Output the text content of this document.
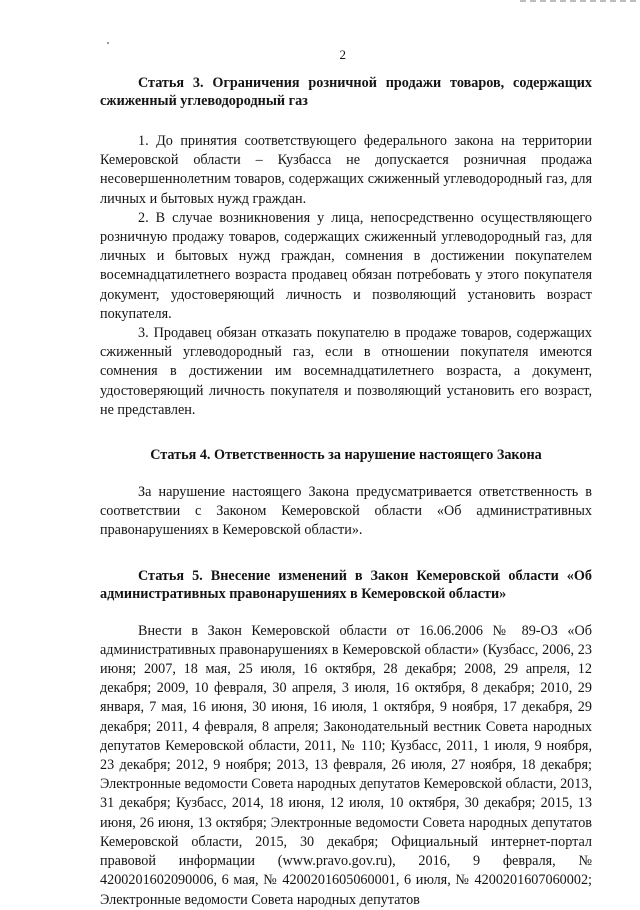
2
Статья 3. Ограничения розничной продажи товаров, содержащих сжиженный углеводородный газ

1. До принятия соответствующего федерального закона на территории Кемеровской области – Кузбасса не допускается розничная продажа несовершеннолетним товаров, содержащих сжиженный углеводородный газ, для личных и бытовых нужд граждан.

2. В случае возникновения у лица, непосредственно осуществляющего розничную продажу товаров, содержащих сжиженный углеводородный газ, для личных и бытовых нужд граждан, сомнения в достижении покупателем восемнадцатилетнего возраста продавец обязан потребовать у этого покупателя документ, удостоверяющий личность и позволяющий установить возраст покупателя.

3. Продавец обязан отказать покупателю в продаже товаров, содержащих сжиженный углеводородный газ, если в отношении покупателя имеются сомнения в достижении им восемнадцатилетнего возраста, а документ, удостоверяющий личность покупателя и позволяющий установить его возраст, не представлен.

Статья 4. Ответственность за нарушение настоящего Закона

За нарушение настоящего Закона предусматривается ответственность в соответствии с Законом Кемеровской области «Об административных правонарушениях в Кемеровской области».

Статья 5. Внесение изменений в Закон Кемеровской области «Об административных правонарушениях в Кемеровской области»

Внести в Закон Кемеровской области от 16.06.2006 № 89-ОЗ «Об административных правонарушениях в Кемеровской области» (Кузбасс, 2006, 23 июня; 2007, 18 мая, 25 июля, 16 октября, 28 декабря; 2008, 29 апреля, 12 декабря; 2009, 10 февраля, 30 апреля, 3 июля, 16 октября, 8 декабря; 2010, 29 января, 7 мая, 16 июня, 30 июня, 16 июля, 1 октября, 9 ноября, 17 декабря, 29 декабря; 2011, 4 февраля, 8 апреля; Законодательный вестник Совета народных депутатов Кемеровской области, 2011, № 110; Кузбасс, 2011, 1 июля, 9 ноября, 23 декабря; 2012, 9 ноября; 2013, 13 февраля, 26 июля, 27 ноября, 18 декабря; Электронные ведомости Совета народных депутатов Кемеровской области, 2013, 31 декабря; Кузбасс, 2014, 18 июня, 12 июля, 10 октября, 30 декабря; 2015, 13 июня, 26 июня, 13 октября; Электронные ведомости Совета народных депутатов Кемеровской области, 2015, 30 декабря; Официальный интернет-портал правовой информации (www.pravo.gov.ru), 2016, 9 февраля, № 4200201602090006, 6 мая, № 4200201605060001, 6 июля, № 4200201607060002; Электронные ведомости Совета народных депутатов
